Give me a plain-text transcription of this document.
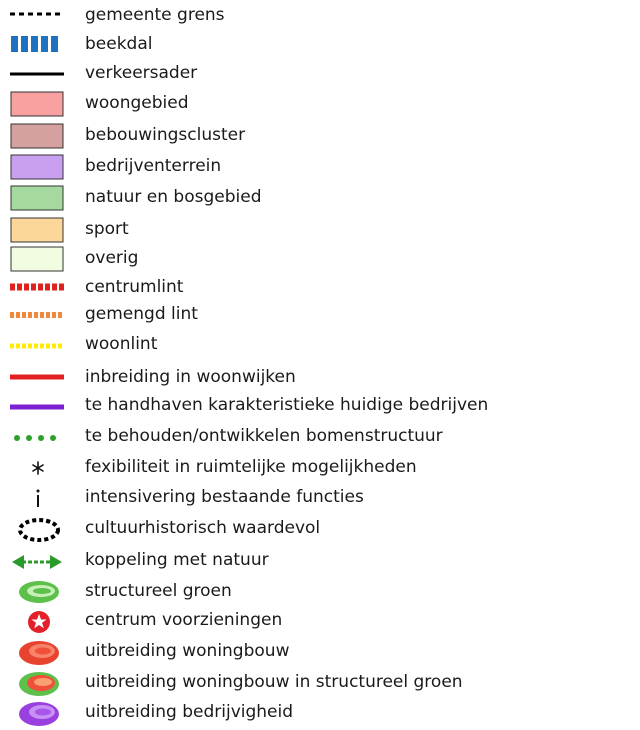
gemeente grens
beekdal
verkeersader
woongebied
bebouwingscluster
bedrijventerrein
natuur en bosgebied
sport
overig
centrumlint
gemengd lint
woonlint
inbreiding in woonwijken
te handhaven karakteristieke huidige bedrijven
te behouden/ontwikkelen bomenstructuur
fexibiliteit in ruimtelijke mogelijkheden
intensivering bestaande functies
cultuurhistorisch waardevol
koppeling met natuur
structureel groen
centrum voorzieningen
uitbreiding woningbouw
uitbreiding woningbouw in structureel groen
uitbreiding bedrijvigheid
